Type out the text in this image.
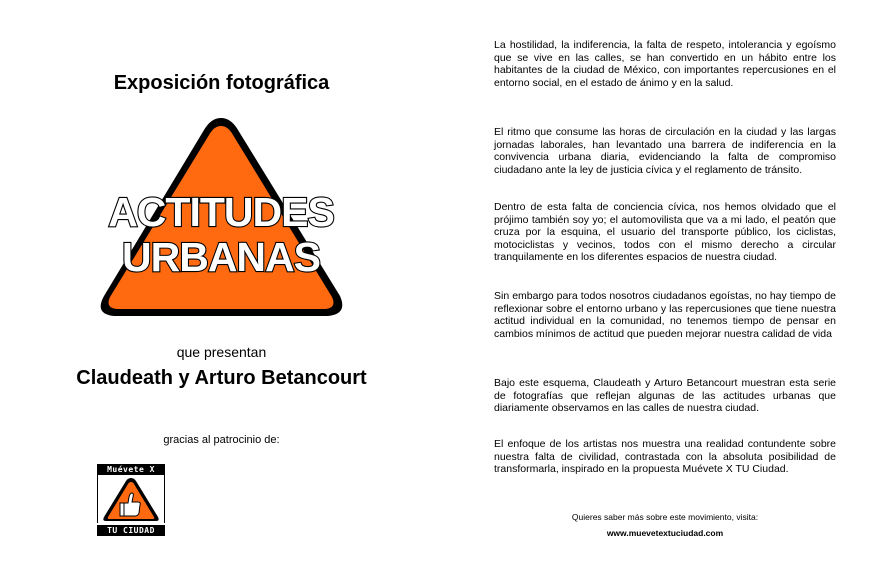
Exposición fotográfica
ACTITUDES
URBANAS
que presentan
Claudeath y Arturo Betancourt
gracias al patrocinio de:
Muévete X
TU CIUDAD

La hostilidad, la indiferencia, la falta de respeto, intolerancia y egoísmo que se vive en las calles, se han convertido en un hábito entre los habitantes de la ciudad de México, con importantes repercusiones en el entorno social, en el estado de ánimo y en la salud.

El ritmo que consume las horas de circulación en la ciudad y las largas jornadas laborales, han levantado una barrera de indiferencia en la convivencia urbana diaria, evidenciando la falta de compromiso ciudadano ante la ley de justicia cívica y el reglamento de tránsito.

Dentro de esta falta de conciencia cívica, nos hemos olvidado que el prójimo también soy yo; el automovilista que va a mi lado, el peatón que cruza por la esquina, el usuario del transporte público, los ciclistas, motociclistas y vecinos, todos con el mismo derecho a circular tranquilamente en los diferentes espacios de nuestra ciudad.

Sin embargo para todos nosotros ciudadanos egoístas, no hay tiempo de reflexionar sobre el entorno urbano y las repercusiones que tiene nuestra actitud individual en la comunidad, no tenemos tiempo de pensar en cambios mínimos de actitud que pueden mejorar nuestra calidad de vida

Bajo este esquema, Claudeath y Arturo Betancourt muestran esta serie de fotografías que reflejan algunas de las actitudes urbanas que diariamente observamos en las calles de nuestra ciudad.

El enfoque de los artistas nos muestra una realidad contundente sobre nuestra falta de civilidad, contrastada con la absoluta posibilidad de transformarla, inspirado en la propuesta Muévete X TU Ciudad.

Quieres saber más sobre este movimiento, visita:
www.muevetextuciudad.com
